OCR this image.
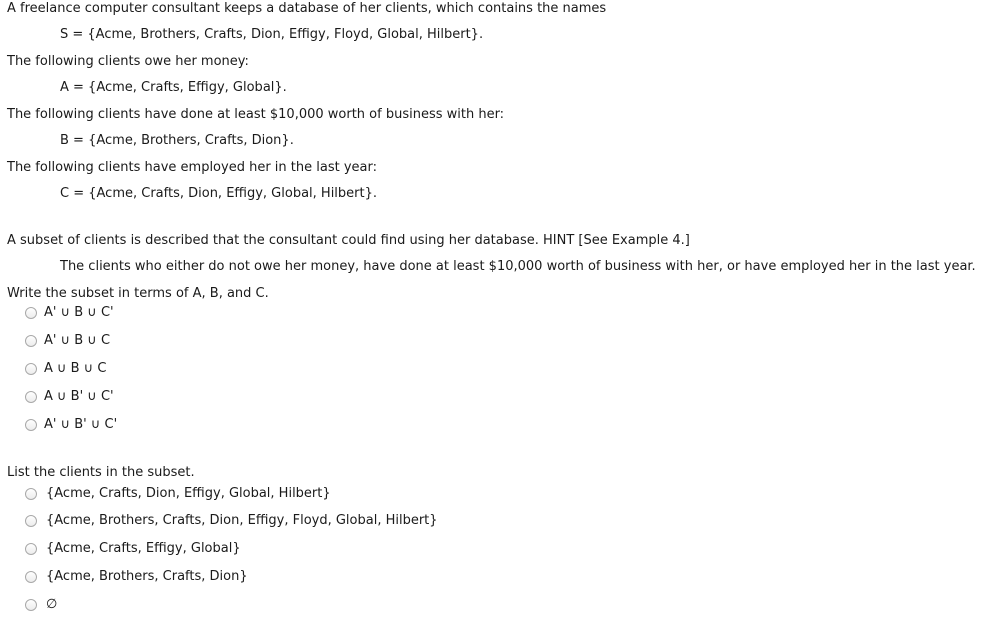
A freelance computer consultant keeps a database of her clients, which contains the names
S = {Acme, Brothers, Crafts, Dion, Effigy, Floyd, Global, Hilbert}.
The following clients owe her money:
A = {Acme, Crafts, Effigy, Global}.
The following clients have done at least $10,000 worth of business with her:
B = {Acme, Brothers, Crafts, Dion}.
The following clients have employed her in the last year:
C = {Acme, Crafts, Dion, Effigy, Global, Hilbert}.
A subset of clients is described that the consultant could find using her database. HINT [See Example 4.]
The clients who either do not owe her money, have done at least $10,000 worth of business with her, or have employed her in the last year.
Write the subset in terms of A, B, and C.
A' ∪ B ∪ C'
A' ∪ B ∪ C
A ∪ B ∪ C
A ∪ B' ∪ C'
A' ∪ B' ∪ C'
List the clients in the subset.
{Acme, Crafts, Dion, Effigy, Global, Hilbert}
{Acme, Brothers, Crafts, Dion, Effigy, Floyd, Global, Hilbert}
{Acme, Crafts, Effigy, Global}
{Acme, Brothers, Crafts, Dion}
∅
